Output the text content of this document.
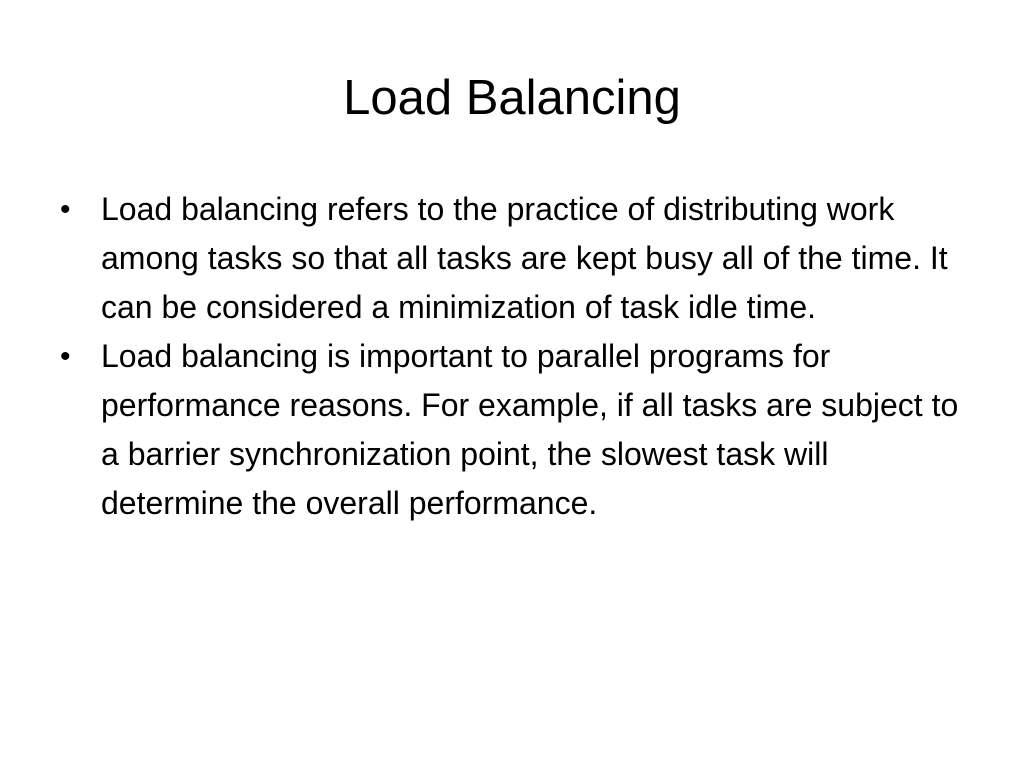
Load Balancing
• Load balancing refers to the practice of distributing work among tasks so that all tasks are kept busy all of the time. It can be considered a minimization of task idle time.
• Load balancing is important to parallel programs for performance reasons. For example, if all tasks are subject to a barrier synchronization point, the slowest task will determine the overall performance.
